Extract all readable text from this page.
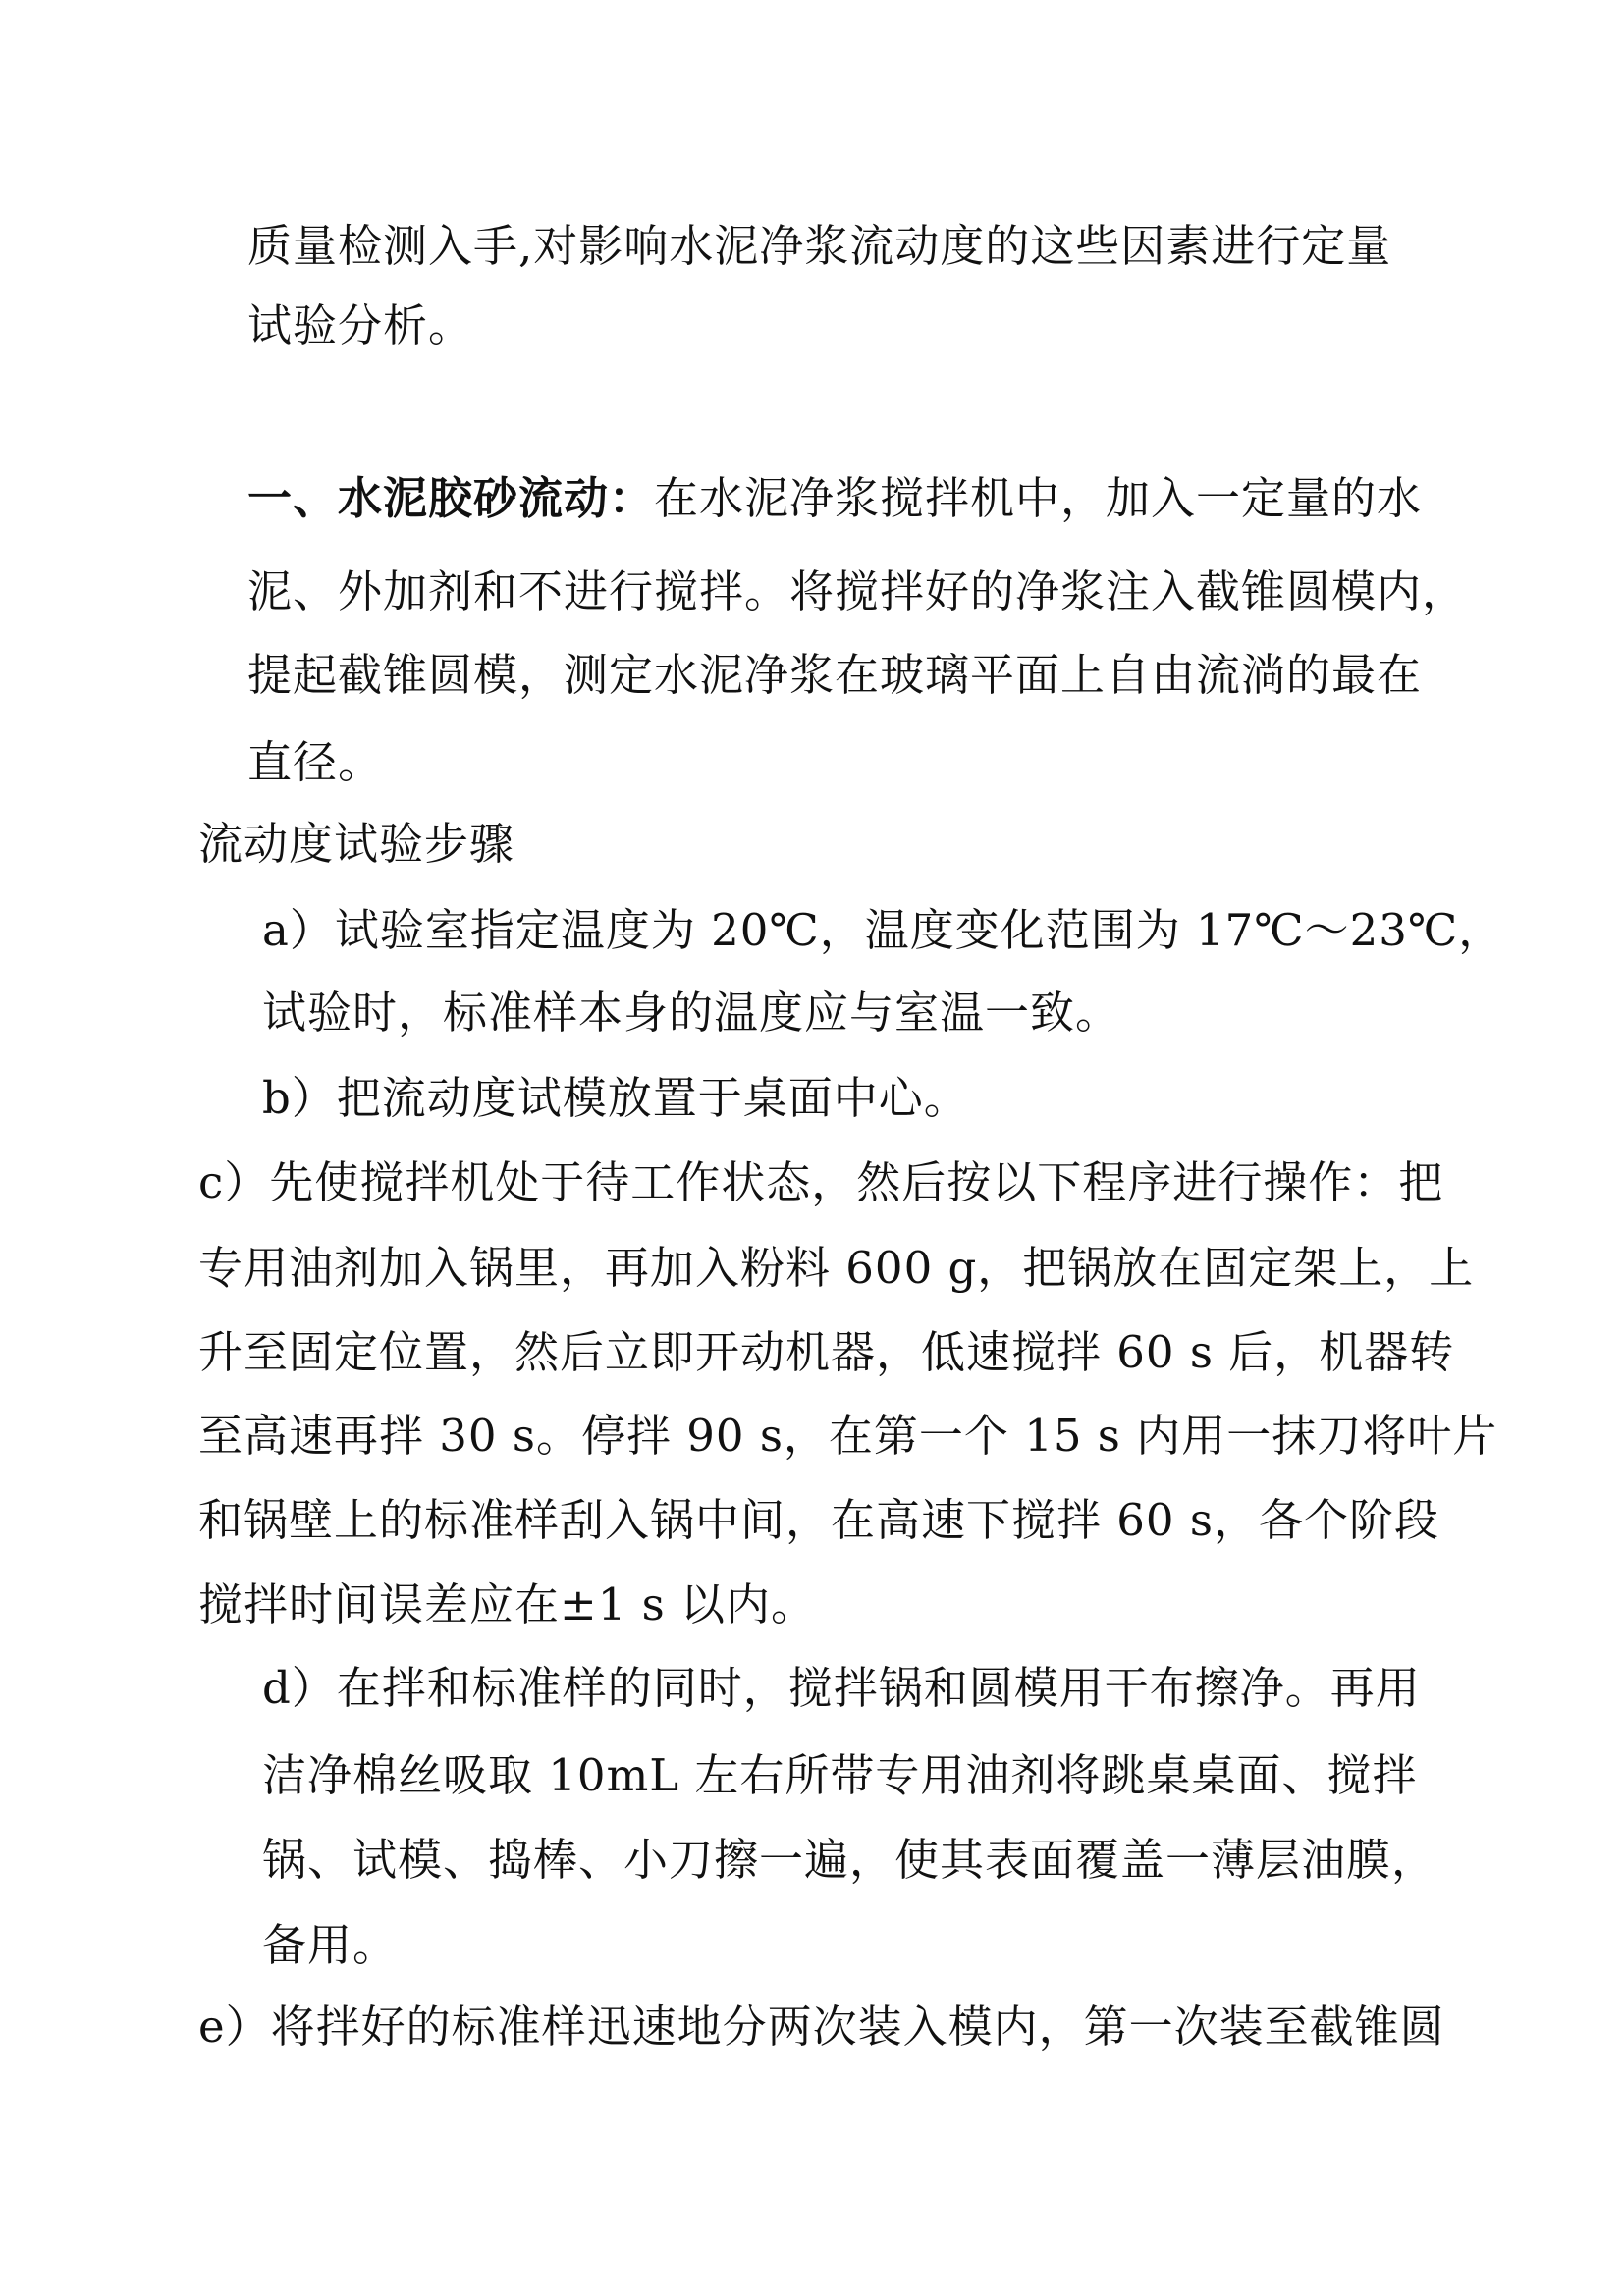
质量检测入手,对影响水泥净浆流动度的这些因素进行定量
试验分析。
一、水泥胶砂流动：在水泥净浆搅拌机中，加入一定量的水
泥、外加剂和不进行搅拌。将搅拌好的净浆注入截锥圆模内，
提起截锥圆模，测定水泥净浆在玻璃平面上自由流淌的最在
直径。
流动度试验步骤
a）试验室指定温度为 20℃，温度变化范围为 17℃～23℃，
试验时，标准样本身的温度应与室温一致。
b）把流动度试模放置于桌面中心。
c）先使搅拌机处于待工作状态，然后按以下程序进行操作：把
专用油剂加入锅里，再加入粉料 600 g，把锅放在固定架上，上
升至固定位置，然后立即开动机器，低速搅拌 60 s 后，机器转
至高速再拌 30 s。停拌 90 s，在第一个 15 s 内用一抹刀将叶片
和锅壁上的标准样刮入锅中间，在高速下搅拌 60 s，各个阶段
搅拌时间误差应在±1 s 以内。
d）在拌和标准样的同时，搅拌锅和圆模用干布擦净。再用
洁净棉丝吸取 10mL 左右所带专用油剂将跳桌桌面、搅拌
锅、试模、捣棒、小刀擦一遍，使其表面覆盖一薄层油膜，
备用。
e）将拌好的标准样迅速地分两次装入模内，第一次装至截锥圆
